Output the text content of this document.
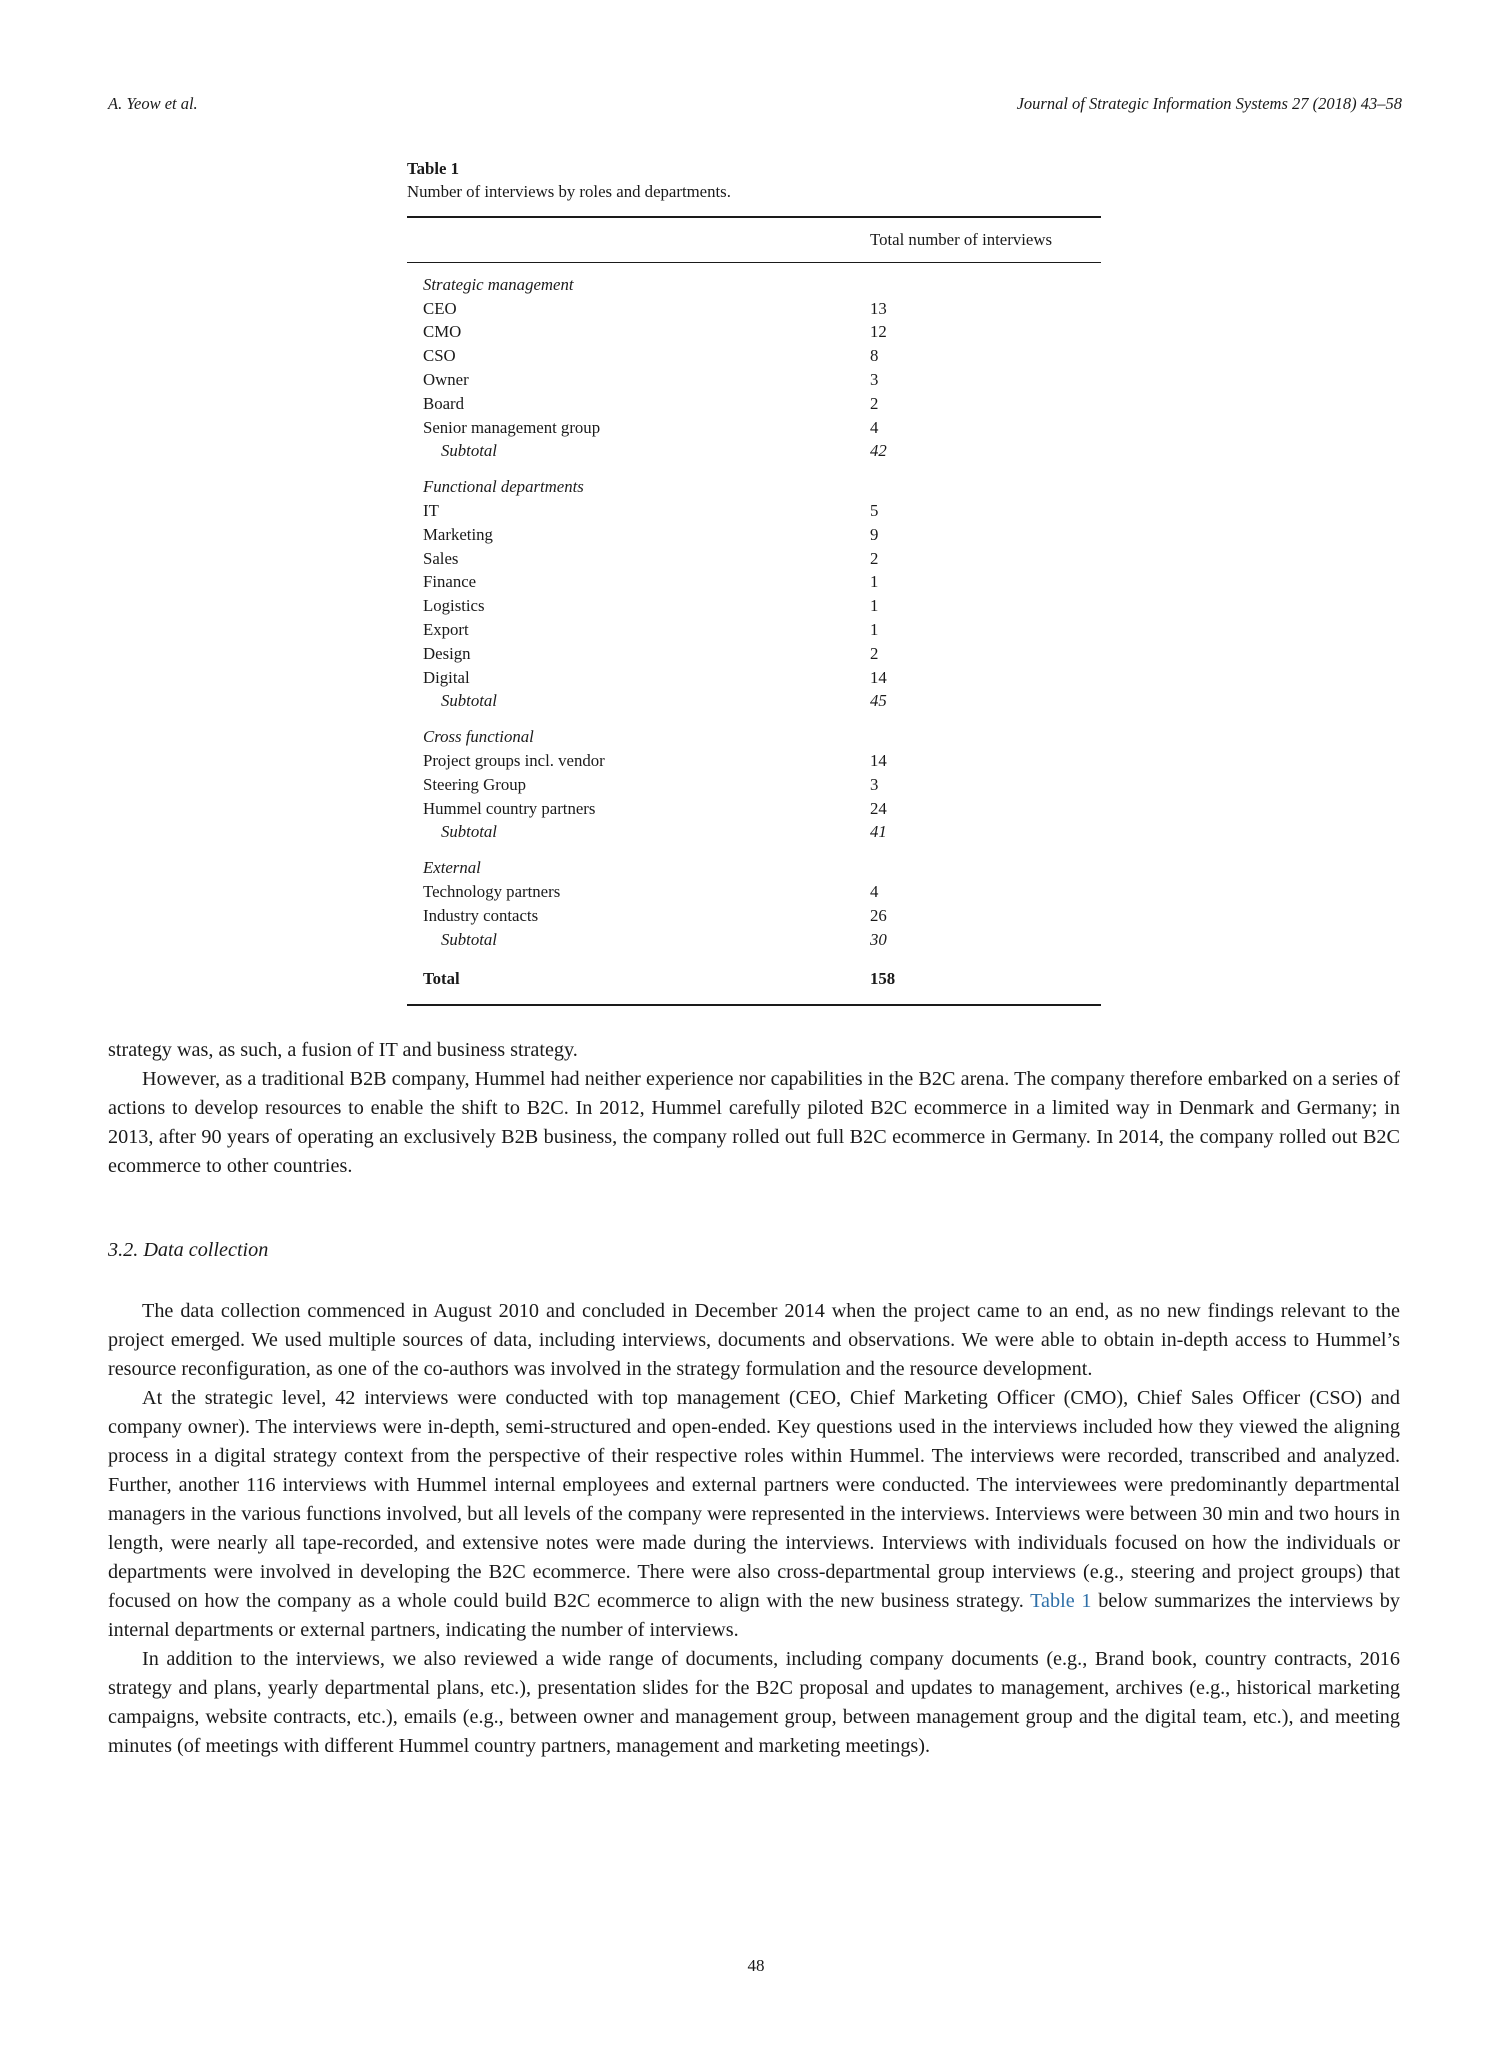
A. Yeow et al.	Journal of Strategic Information Systems 27 (2018) 43–58
Table 1
Number of interviews by roles and departments.
Total number of interviews
Strategic management
CEO	13
CMO	12
CSO	8
Owner	3
Board	2
Senior management group	4
Subtotal	42
Functional departments
IT	5
Marketing	9
Sales	2
Finance	1
Logistics	1
Export	1
Design	2
Digital	14
Subtotal	45
Cross functional
Project groups incl. vendor	14
Steering Group	3
Hummel country partners	24
Subtotal	41
External
Technology partners	4
Industry contacts	26
Subtotal	30
Total	158

strategy was, as such, a fusion of IT and business strategy.

However, as a traditional B2B company, Hummel had neither experience nor capabilities in the B2C arena. The company therefore embarked on a series of actions to develop resources to enable the shift to B2C. In 2012, Hummel carefully piloted B2C ecommerce in a limited way in Denmark and Germany; in 2013, after 90 years of operating an exclusively B2B business, the company rolled out full B2C ecommerce in Germany. In 2014, the company rolled out B2C ecommerce to other countries.

3.2. Data collection

The data collection commenced in August 2010 and concluded in December 2014 when the project came to an end, as no new findings relevant to the project emerged. We used multiple sources of data, including interviews, documents and observations. We were able to obtain in-depth access to Hummel’s resource reconfiguration, as one of the co-authors was involved in the strategy formulation and the resource development.

At the strategic level, 42 interviews were conducted with top management (CEO, Chief Marketing Officer (CMO), Chief Sales Officer (CSO) and company owner). The interviews were in-depth, semi-structured and open-ended. Key questions used in the interviews included how they viewed the aligning process in a digital strategy context from the perspective of their respective roles within Hummel. The interviews were recorded, transcribed and analyzed. Further, another 116 interviews with Hummel internal employees and external partners were conducted. The interviewees were predominantly departmental managers in the various functions involved, but all levels of the company were represented in the interviews. Interviews were between 30 min and two hours in length, were nearly all tape-recorded, and extensive notes were made during the interviews. Interviews with individuals focused on how the individuals or departments were involved in developing the B2C ecommerce. There were also cross-departmental group interviews (e.g., steering and project groups) that focused on how the company as a whole could build B2C ecommerce to align with the new business strategy. Table 1 below summarizes the interviews by internal departments or external partners, indicating the number of interviews.

In addition to the interviews, we also reviewed a wide range of documents, including company documents (e.g., Brand book, country contracts, 2016 strategy and plans, yearly departmental plans, etc.), presentation slides for the B2C proposal and updates to management, archives (e.g., historical marketing campaigns, website contracts, etc.), emails (e.g., between owner and management group, between management group and the digital team, etc.), and meeting minutes (of meetings with different Hummel country partners, management and marketing meetings).

48
